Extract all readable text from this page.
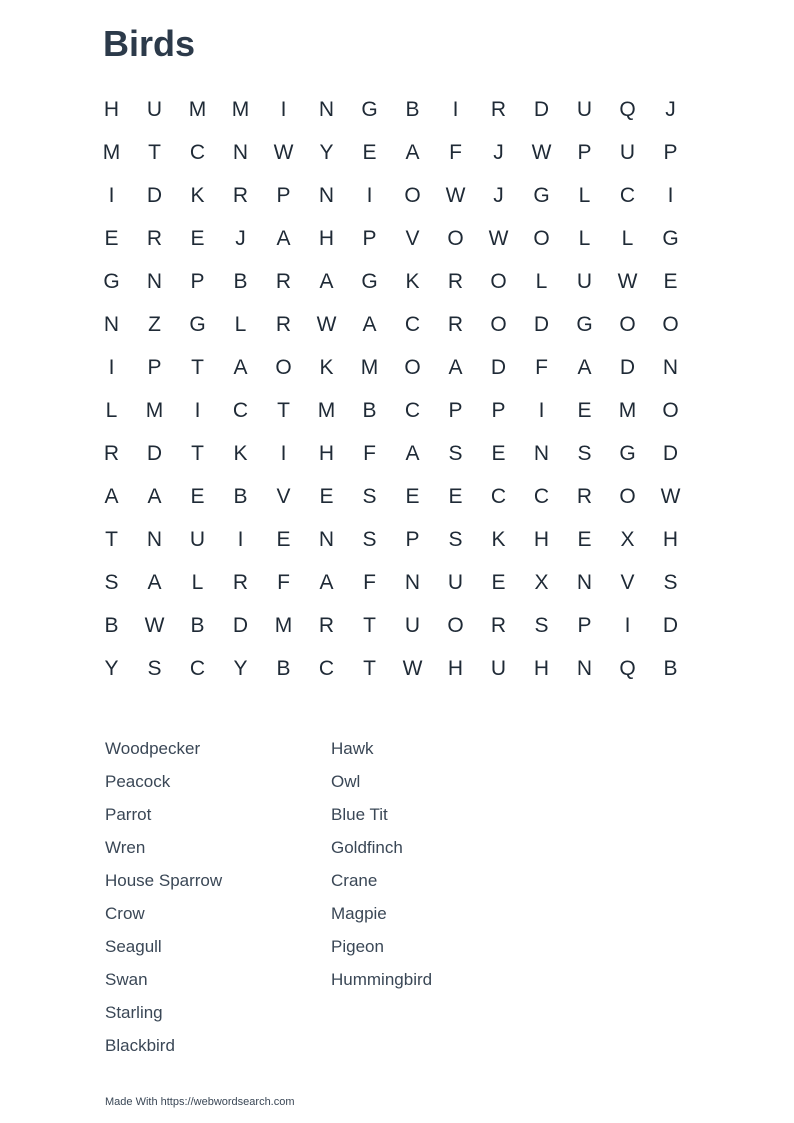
Birds
H	U	M	M	I	N	G	B	I	R	D	U	Q	J
M	T	C	N	W	Y	E	A	F	J	W	P	U	P
I	D	K	R	P	N	I	O	W	J	G	L	C	I
E	R	E	J	A	H	P	V	O	W	O	L	L	G
G	N	P	B	R	A	G	K	R	O	L	U	W	E
N	Z	G	L	R	W	A	C	R	O	D	G	O	O
I	P	T	A	O	K	M	O	A	D	F	A	D	N
L	M	I	C	T	M	B	C	P	P	I	E	M	O
R	D	T	K	I	H	F	A	S	E	N	S	G	D
A	A	E	B	V	E	S	E	E	C	C	R	O	W
T	N	U	I	E	N	S	P	S	K	H	E	X	H
S	A	L	R	F	A	F	N	U	E	X	N	V	S
B	W	B	D	M	R	T	U	O	R	S	P	I	D
Y	S	C	Y	B	C	T	W	H	U	H	N	Q	B
Woodpecker
Peacock
Parrot
Wren
House Sparrow
Crow
Seagull
Swan
Starling
Blackbird
Hawk
Owl
Blue Tit
Goldfinch
Crane
Magpie
Pigeon
Hummingbird
Made With https://webwordsearch.com
